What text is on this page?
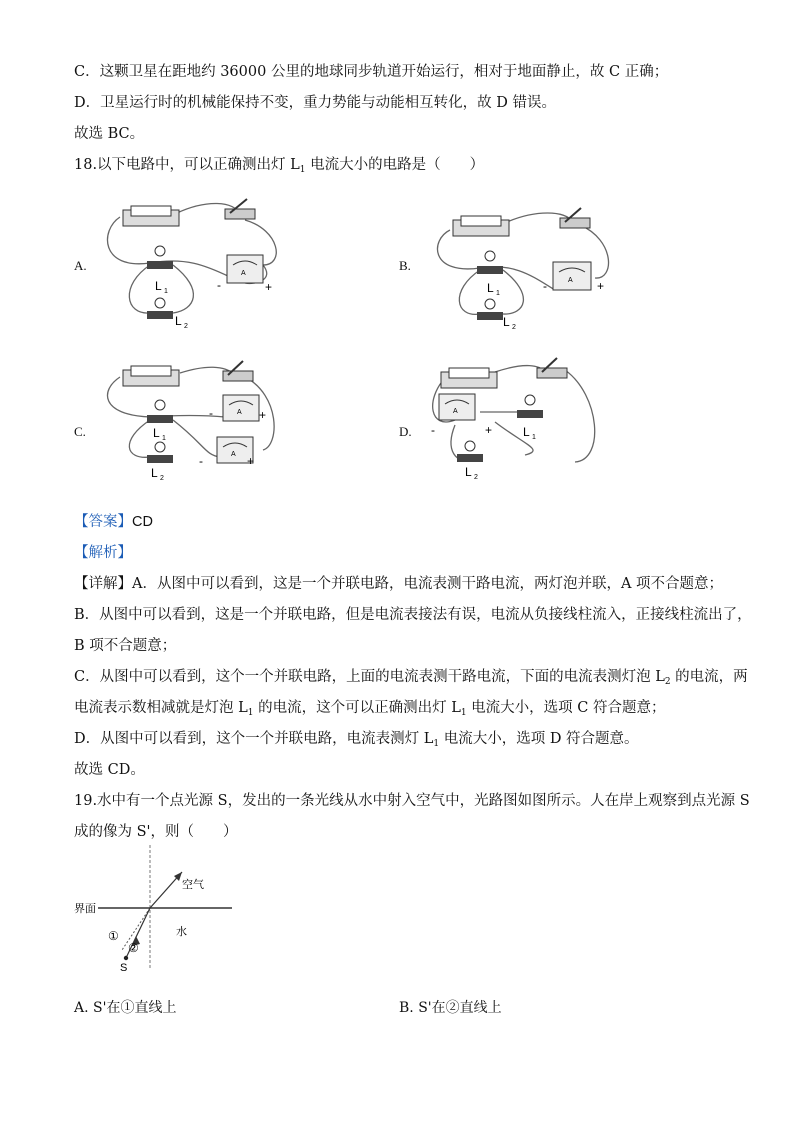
C．这颗卫星在距地约 36000 公里的地球同步轨道开始运行，相对于地面静止，故 C 正确；
D．卫星运行时的机械能保持不变，重力势能与动能相互转化，故 D 错误。
故选 BC。
18.以下电路中，可以正确测出灯 $L_1$ 电流大小的电路是（　　）
A.	B.
C.	D.
A
-	+
L 1
L 2
A
-	+
L 1
L 2
A
A
-	+
-	+
L 1
L 2
A
-	+	L 1
L 2
【答案】CD
【解析】
【详解】A．从图中可以看到，这是一个并联电路，电流表测干路电流，两灯泡并联，A 项不合题意；
B．从图中可以看到，这是一个并联电路，但是电流表接法有误，电流从负接线柱流入，正接线柱流出了，
B 项不合题意；
C．从图中可以看到，这个一个并联电路，上面的电流表测干路电流，下面的电流表测灯泡 $L_2$ 的电流，两
电流表示数相减就是灯泡 $L_1$ 的电流，这个可以正确测出灯 $L_1$ 电流大小，选项 C 符合题意；
D．从图中可以看到，这个一个并联电路，电流表测灯 $L_1$ 电流大小，选项 D 符合题意。
故选 CD。
19.水中有一个点光源 S，发出的一条光线从水中射入空气中，光路图如图所示。人在岸上观察到点光源 S
成的像为 S'，则（　　）
界面
空气
水
①
②
S
A. S'在①直线上	B. S'在②直线上
